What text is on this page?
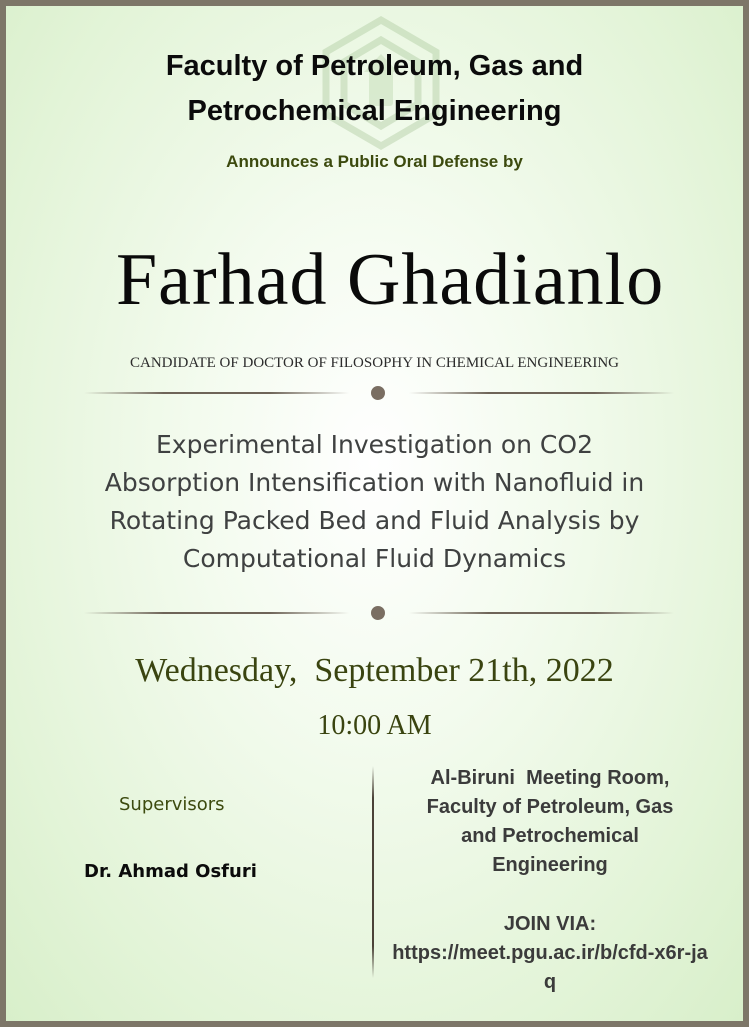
Faculty of Petroleum, Gas and
Petrochemical Engineering
Announces a Public Oral Defense by
Farhad Ghadianlo
CANDIDATE OF DOCTOR OF FILOSOPHY IN CHEMICAL ENGINEERING
Experimental Investigation on CO2
Absorption Intensification with Nanofluid in
Rotating Packed Bed and Fluid Analysis by
Computational Fluid Dynamics
Wednesday,  September 21th, 2022
10:00 AM
Supervisors
Dr. Ahmad Osfuri
Al-Biruni  Meeting Room,
Faculty of Petroleum, Gas
and Petrochemical
Engineering
JOIN VIA:
https://meet.pgu.ac.ir/b/cfd-x6r-jaq
